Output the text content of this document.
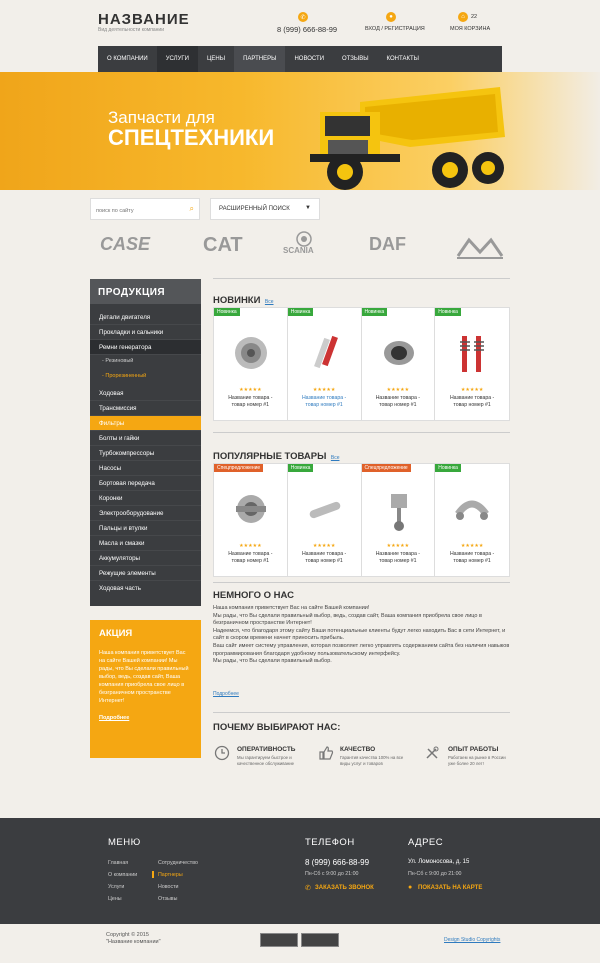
НАЗВАНИЕ
Вид деятельности компании
✆
8 (999) 666-88-99
●
ВХОД / РЕГИСТРАЦИЯ
⌂	22
МОЯ КОРЗИНА
О КОМПАНИИ	УСЛУГИ	ЦЕНЫ	ПАРТНЕРЫ	НОВОСТИ	ОТЗЫВЫ	КОНТАКТЫ
Запчасти для
СПЕЦТЕХНИКИ
поиск по сайту
⌕	РАСШИРЕННЫЙ ПОИСК	▼
CASE	CAT	SCANIA	DAF
ПРОДУКЦИЯ
Детали двигателя
Прокладки и сальники
Ремни генератора
- Резиновый
- Прорезиненный
Ходовая
Трансмиссия
Фильтры
Болты и гайки
Турбокомпрессоры
Насосы
Бортовая передача
Коронки
Электрооборудование
Пальцы и втулки
Масла и смазки
Аккумуляторы
Режущие элементы
Ходовая часть
АКЦИЯ
Наша компания приветствует Вас на сайте Вашей компании! Мы рады, что Вы сделали правильный выбор, ведь, создав сайт, Ваша компания приобрела свое лицо в безграничном пространстве Интернет!
Подробнее
НОВИНКИ Все
Новинка
★★★★★
Название товара -
товар номер #1
Новинка
★★★★★
Название товара -
товар номер #1
Новинка
★★★★★
Название товара -
товар номер #1
Новинка
★★★★★
Название товара -
товар номер #1
ПОПУЛЯРНЫЕ ТОВАРЫ Все
Спецпредложение
★★★★★
Название товара -
товар номер #1
Новинка
★★★★★
Название товара -
товар номер #1
Спецпредложение
★★★★★
Название товара -
товар номер #1
Новинка
★★★★★
Название товара -
товар номер #1
НЕМНОГО О НАС

Наша компания приветствует Вас на сайте Вашей компании!

Мы рады, что Вы сделали правильный выбор, ведь, создав сайт, Ваша компания приобрела свое лицо в безграничном пространстве Интернет!

Надеемся, что благодаря этому сайту Ваши потенциальные клиенты будут легко находить Вас в сети Интернет, и сайт в скором времени начнет приносить прибыль.

Ваш сайт имеет систему управления, которая позволяет легко управлять содержанием сайта без наличия навыков программирования благодаря удобному пользовательскому интерфейсу.

Мы рады, что Вы сделали правильный выбор.

Подробнее
ПОЧЕМУ ВЫБИРАЮТ НАС:
ОПЕРАТИВНОСТЬ
Мы гарантируем быстрое и качественное обслуживание
КАЧЕСТВО
Гарантия качества 100% на все виды услуг и товаров
ОПЫТ РАБОТЫ
Работаем на рынке в России уже более 20 лет!
МЕНЮ
Главная
О компании
Услуги
Цены
Сотрудничество
Партнеры
Новости
Отзывы
ТЕЛЕФОН
8 (999) 666-88-99
Пн-Сб с 9:00 до 21:00
✆ ЗАКАЗАТЬ ЗВОНОК
АДРЕС
Ул. Ломоносова, д. 15
Пн-Сб с 9:00 до 21:00
● ПОКАЗАТЬ НА КАРТЕ
Copyright © 2015
"Название компании"	Design Studio Copyrights
